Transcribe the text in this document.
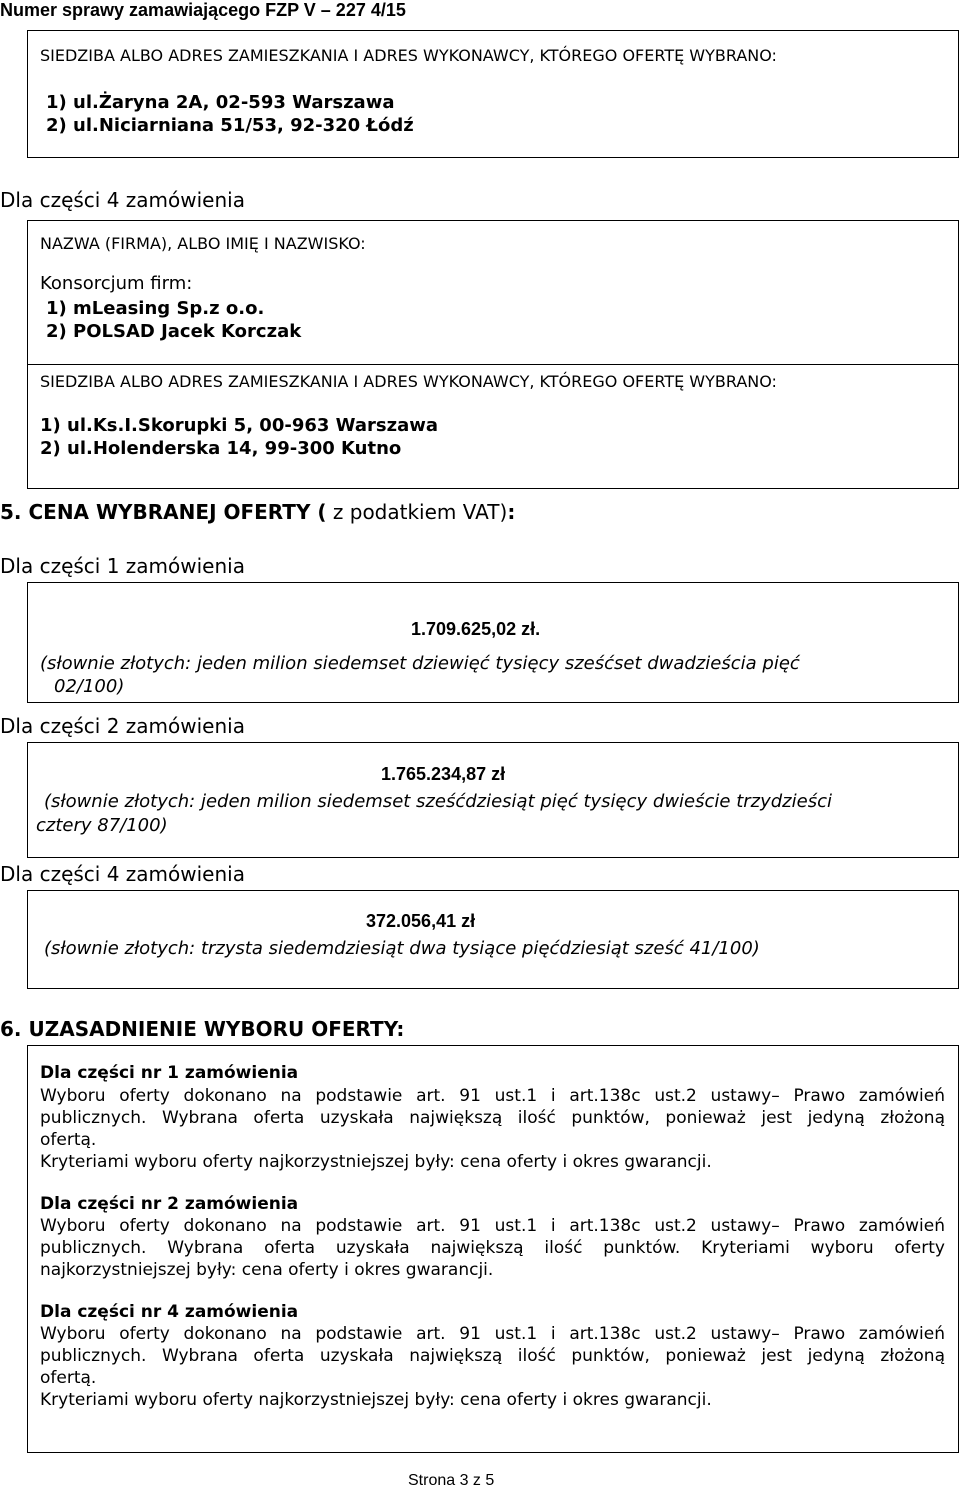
Numer sprawy zamawiającego FZP V – 227 4/15
SIEDZIBA ALBO ADRES ZAMIESZKANIA I ADRES WYKONAWCY, KTÓREGO OFERTĘ WYBRANO:
1) ul.Żaryna 2A, 02-593 Warszawa
2) ul.Niciarniana 51/53, 92-320 Łódź
Dla części 4 zamówienia
NAZWA (FIRMA), ALBO IMIĘ I NAZWISKO:
Konsorcjum firm:
1) mLeasing Sp.z o.o.
2) POLSAD Jacek Korczak
SIEDZIBA ALBO ADRES ZAMIESZKANIA I ADRES WYKONAWCY, KTÓREGO OFERTĘ WYBRANO:
1) ul.Ks.I.Skorupki 5, 00-963 Warszawa
2) ul.Holenderska 14, 99-300 Kutno
5. CENA WYBRANEJ OFERTY ( z podatkiem VAT):
Dla części 1 zamówienia
1.709.625,02 zł.
(słownie złotych: jeden milion siedemset dziewięć tysięcy sześćset dwadzieścia pięć
02/100)
Dla części 2 zamówienia
1.765.234,87 zł
(słownie złotych: jeden milion siedemset sześćdziesiąt pięć tysięcy dwieście trzydzieści
cztery 87/100)
Dla części 4 zamówienia
372.056,41 zł
(słownie złotych: trzysta siedemdziesiąt dwa tysiące pięćdziesiąt sześć 41/100)
6. UZASADNIENIE WYBORU OFERTY:
Dla części nr 1 zamówienia
Wyboru oferty dokonano na podstawie art. 91 ust.1 i art.138c ust.2 ustawy– Prawo zamówień
publicznych. Wybrana oferta uzyskała największą ilość punktów, ponieważ jest jedyną złożoną
ofertą.
Kryteriami wyboru oferty najkorzystniejszej były: cena oferty i okres gwarancji.
Dla części nr 2 zamówienia
Wyboru oferty dokonano na podstawie art. 91 ust.1 i art.138c ust.2 ustawy– Prawo zamówień
publicznych. Wybrana oferta uzyskała największą ilość punktów. Kryteriami wyboru oferty
najkorzystniejszej były: cena oferty i okres gwarancji.
Dla części nr 4 zamówienia
Wyboru oferty dokonano na podstawie art. 91 ust.1 i art.138c ust.2 ustawy– Prawo zamówień
publicznych. Wybrana oferta uzyskała największą ilość punktów, ponieważ jest jedyną złożoną
ofertą.
Kryteriami wyboru oferty najkorzystniejszej były: cena oferty i okres gwarancji.
Strona 3 z 5
